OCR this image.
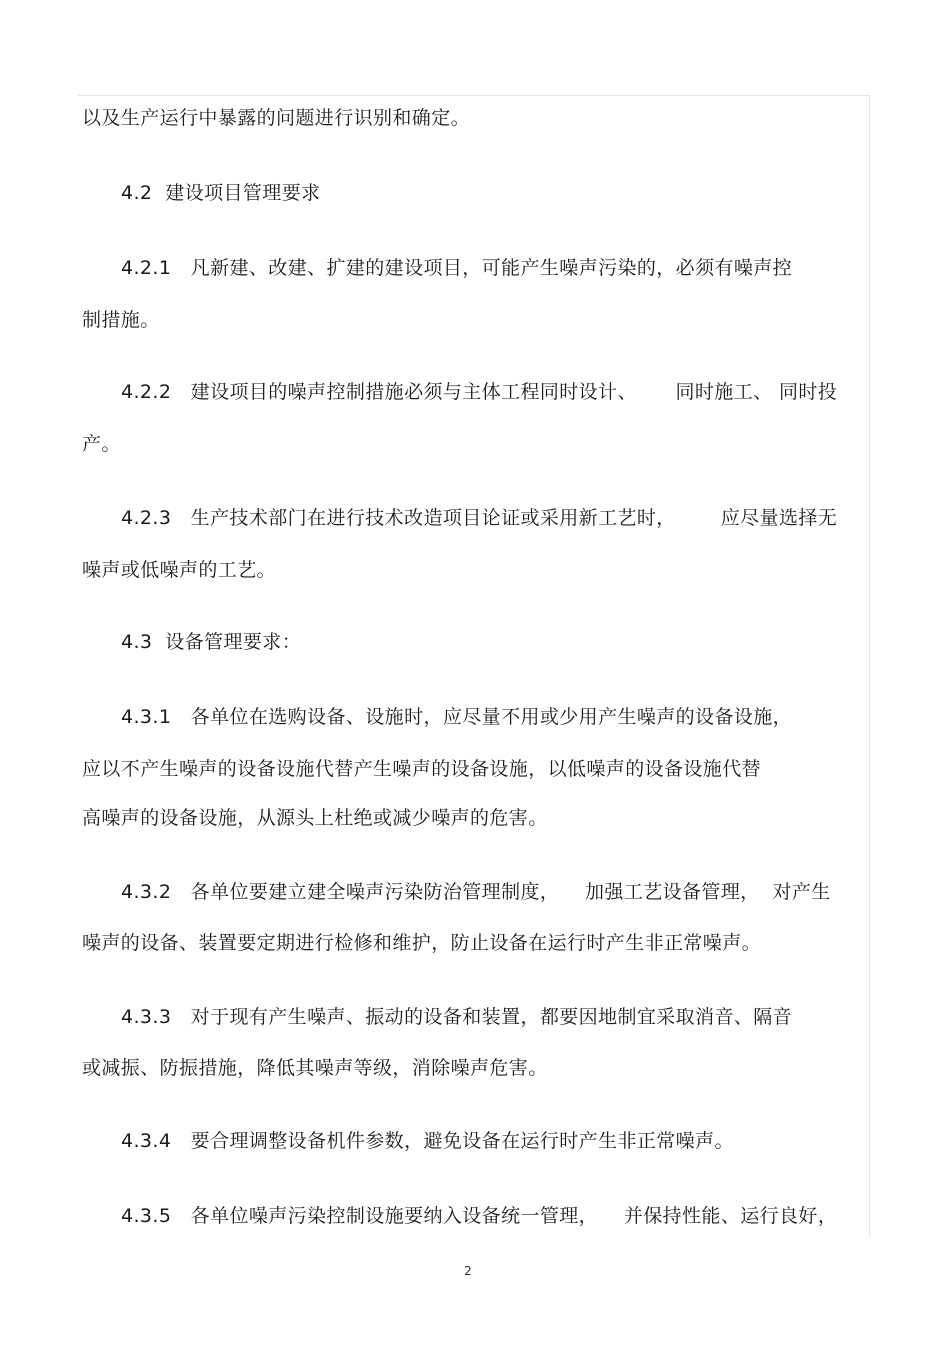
以及生产运行中暴露的问题进行识别和确定。
4.2  建设项目管理要求
4.2.1   凡新建、改建、扩建的建设项目，可能产生噪声污染的，必须有噪声控
制措施。
4.2.2   建设项目的噪声控制措施必须与主体工程同时设计、      同时施工、 同时投
产。
4.2.3   生产技术部门在进行技术改造项目论证或采用新工艺时，       应尽量选择无
噪声或低噪声的工艺。
4.3  设备管理要求：
4.3.1   各单位在选购设备、设施时，应尽量不用或少用产生噪声的设备设施，
应以不产生噪声的设备设施代替产生噪声的设备设施，以低噪声的设备设施代替
高噪声的设备设施，从源头上杜绝或减少噪声的危害。
4.3.2   各单位要建立建全噪声污染防治管理制度，    加强工艺设备管理，  对产生
噪声的设备、装置要定期进行检修和维护，防止设备在运行时产生非正常噪声。
4.3.3   对于现有产生噪声、振动的设备和装置，都要因地制宜采取消音、隔音
或减振、防振措施，降低其噪声等级，消除噪声危害。
4.3.4   要合理调整设备机件参数，避免设备在运行时产生非正常噪声。
4.3.5   各单位噪声污染控制设施要纳入设备统一管理，    并保持性能、运行良好，
2
